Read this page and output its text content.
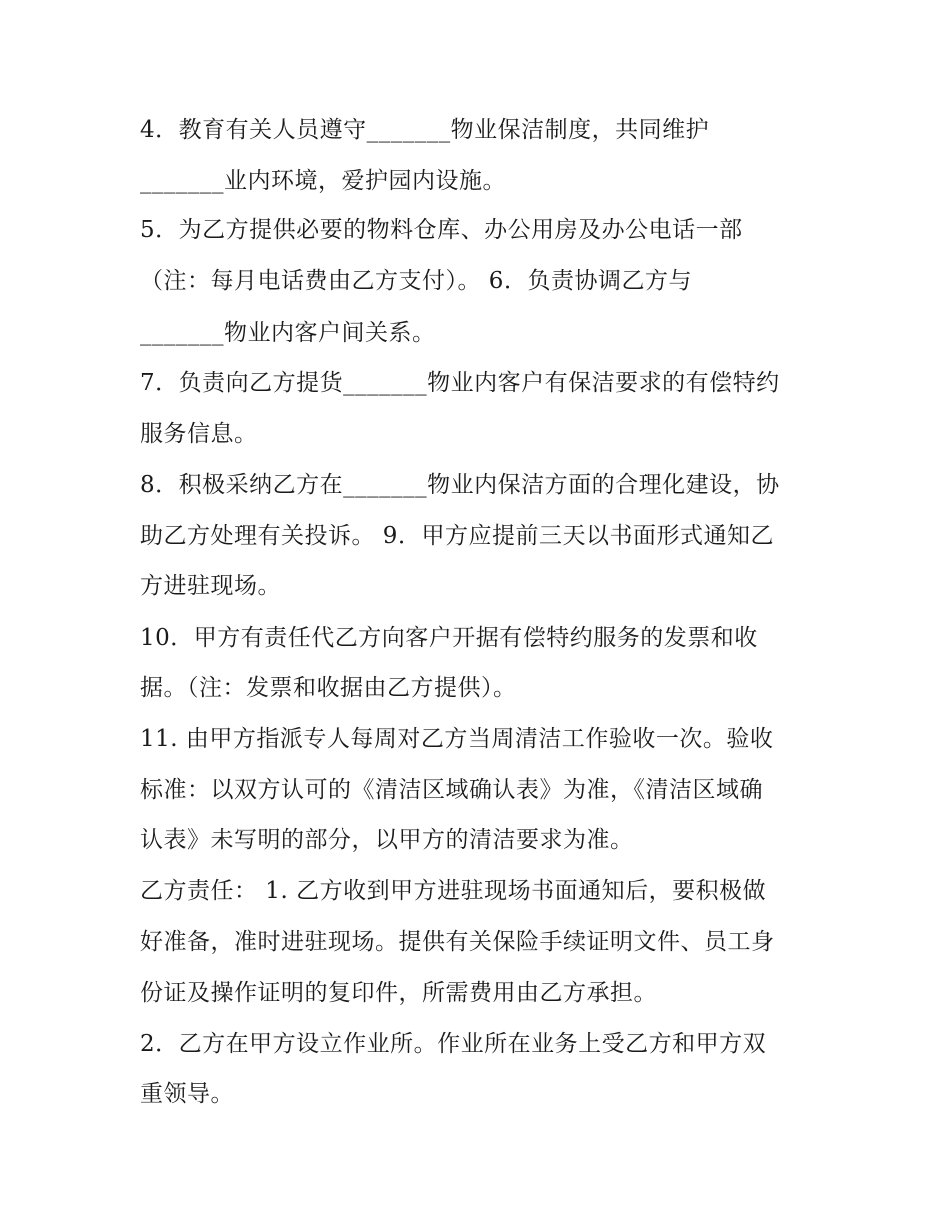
4．教育有关人员遵守_______物业保洁制度，共同维护
_______业内环境，爱护园内设施。
5．为乙方提供必要的物料仓库、办公用房及办公电话一部
（注：每月电话费由乙方支付）。 6．负责协调乙方与
_______物业内客户间关系。
7．负责向乙方提货_______物业内客户有保洁要求的有偿特约
服务信息。
8．积极采纳乙方在_______物业内保洁方面的合理化建设，协
助乙方处理有关投诉。 9．甲方应提前三天以书面形式通知乙
方进驻现场。
10．甲方有责任代乙方向客户开据有偿特约服务的发票和收
据。（注：发票和收据由乙方提供）。
11. 由甲方指派专人每周对乙方当周清洁工作验收一次。验收
标准：以双方认可的《清洁区域确认表》为准，《清洁区域确
认表》未写明的部分，以甲方的清洁要求为准。
乙方责任： 1. 乙方收到甲方进驻现场书面通知后，要积极做
好准备，准时进驻现场。提供有关保险手续证明文件、员工身
份证及操作证明的复印件，所需费用由乙方承担。
2．乙方在甲方设立作业所。作业所在业务上受乙方和甲方双
重领导。
